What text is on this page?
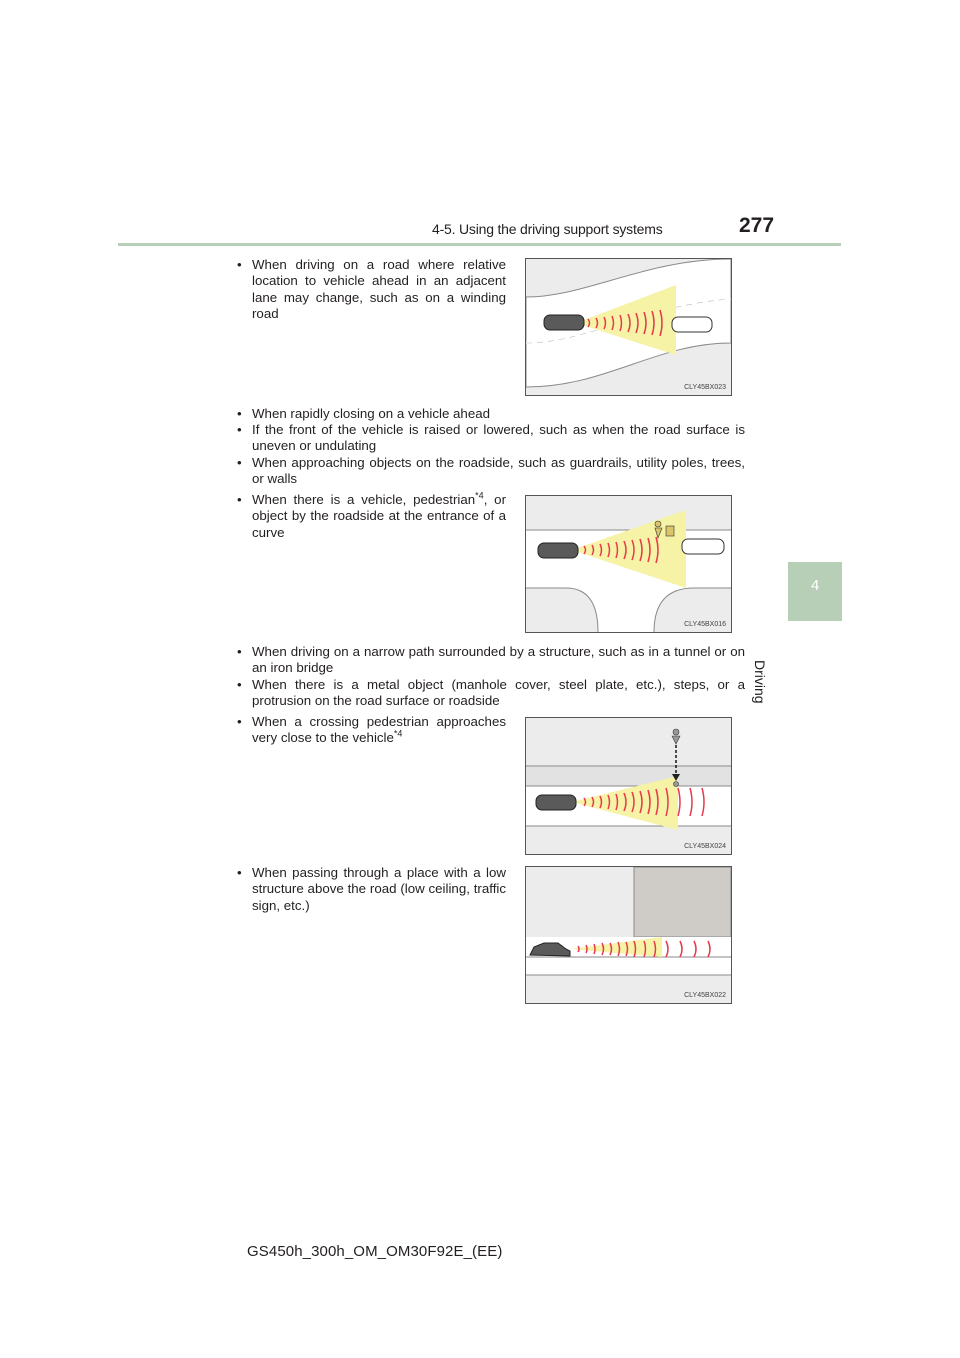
4-5. Using the driving support systems	277
4
Driving
• When driving on a road where relative location to vehicle ahead in an adjacent lane may change, such as on a winding road
CLY45BX023
• When rapidly closing on a vehicle ahead
• If the front of the vehicle is raised or lowered, such as when the road surface is uneven or undulating
• When approaching objects on the roadside, such as guardrails, utility poles, trees, or walls
• When there is a vehicle, pedestrian$^{*4}$, or object by the roadside at the entrance of a curve
CLY45BX016
• When driving on a narrow path surrounded by a structure, such as in a tunnel or on an iron bridge
• When there is a metal object (manhole cover, steel plate, etc.), steps, or a protrusion on the road surface or roadside
• When a crossing pedestrian approaches very close to the vehicle$^{*4}$
CLY45BX024
• When passing through a place with a low structure above the road (low ceiling, traffic sign, etc.)
CLY45BX022
GS450h_300h_OM_OM30F92E_(EE)
